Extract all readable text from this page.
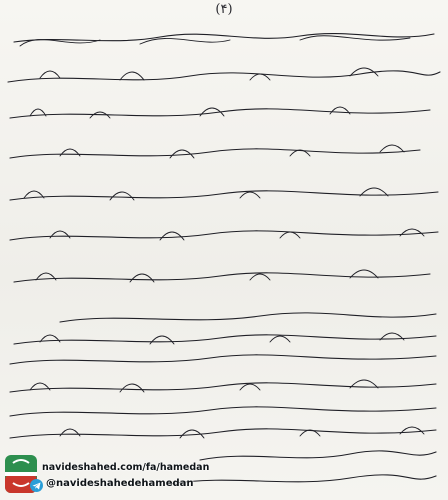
(۴)
navideshahed.com/fa/hamedan
@navideshahedehamedan
